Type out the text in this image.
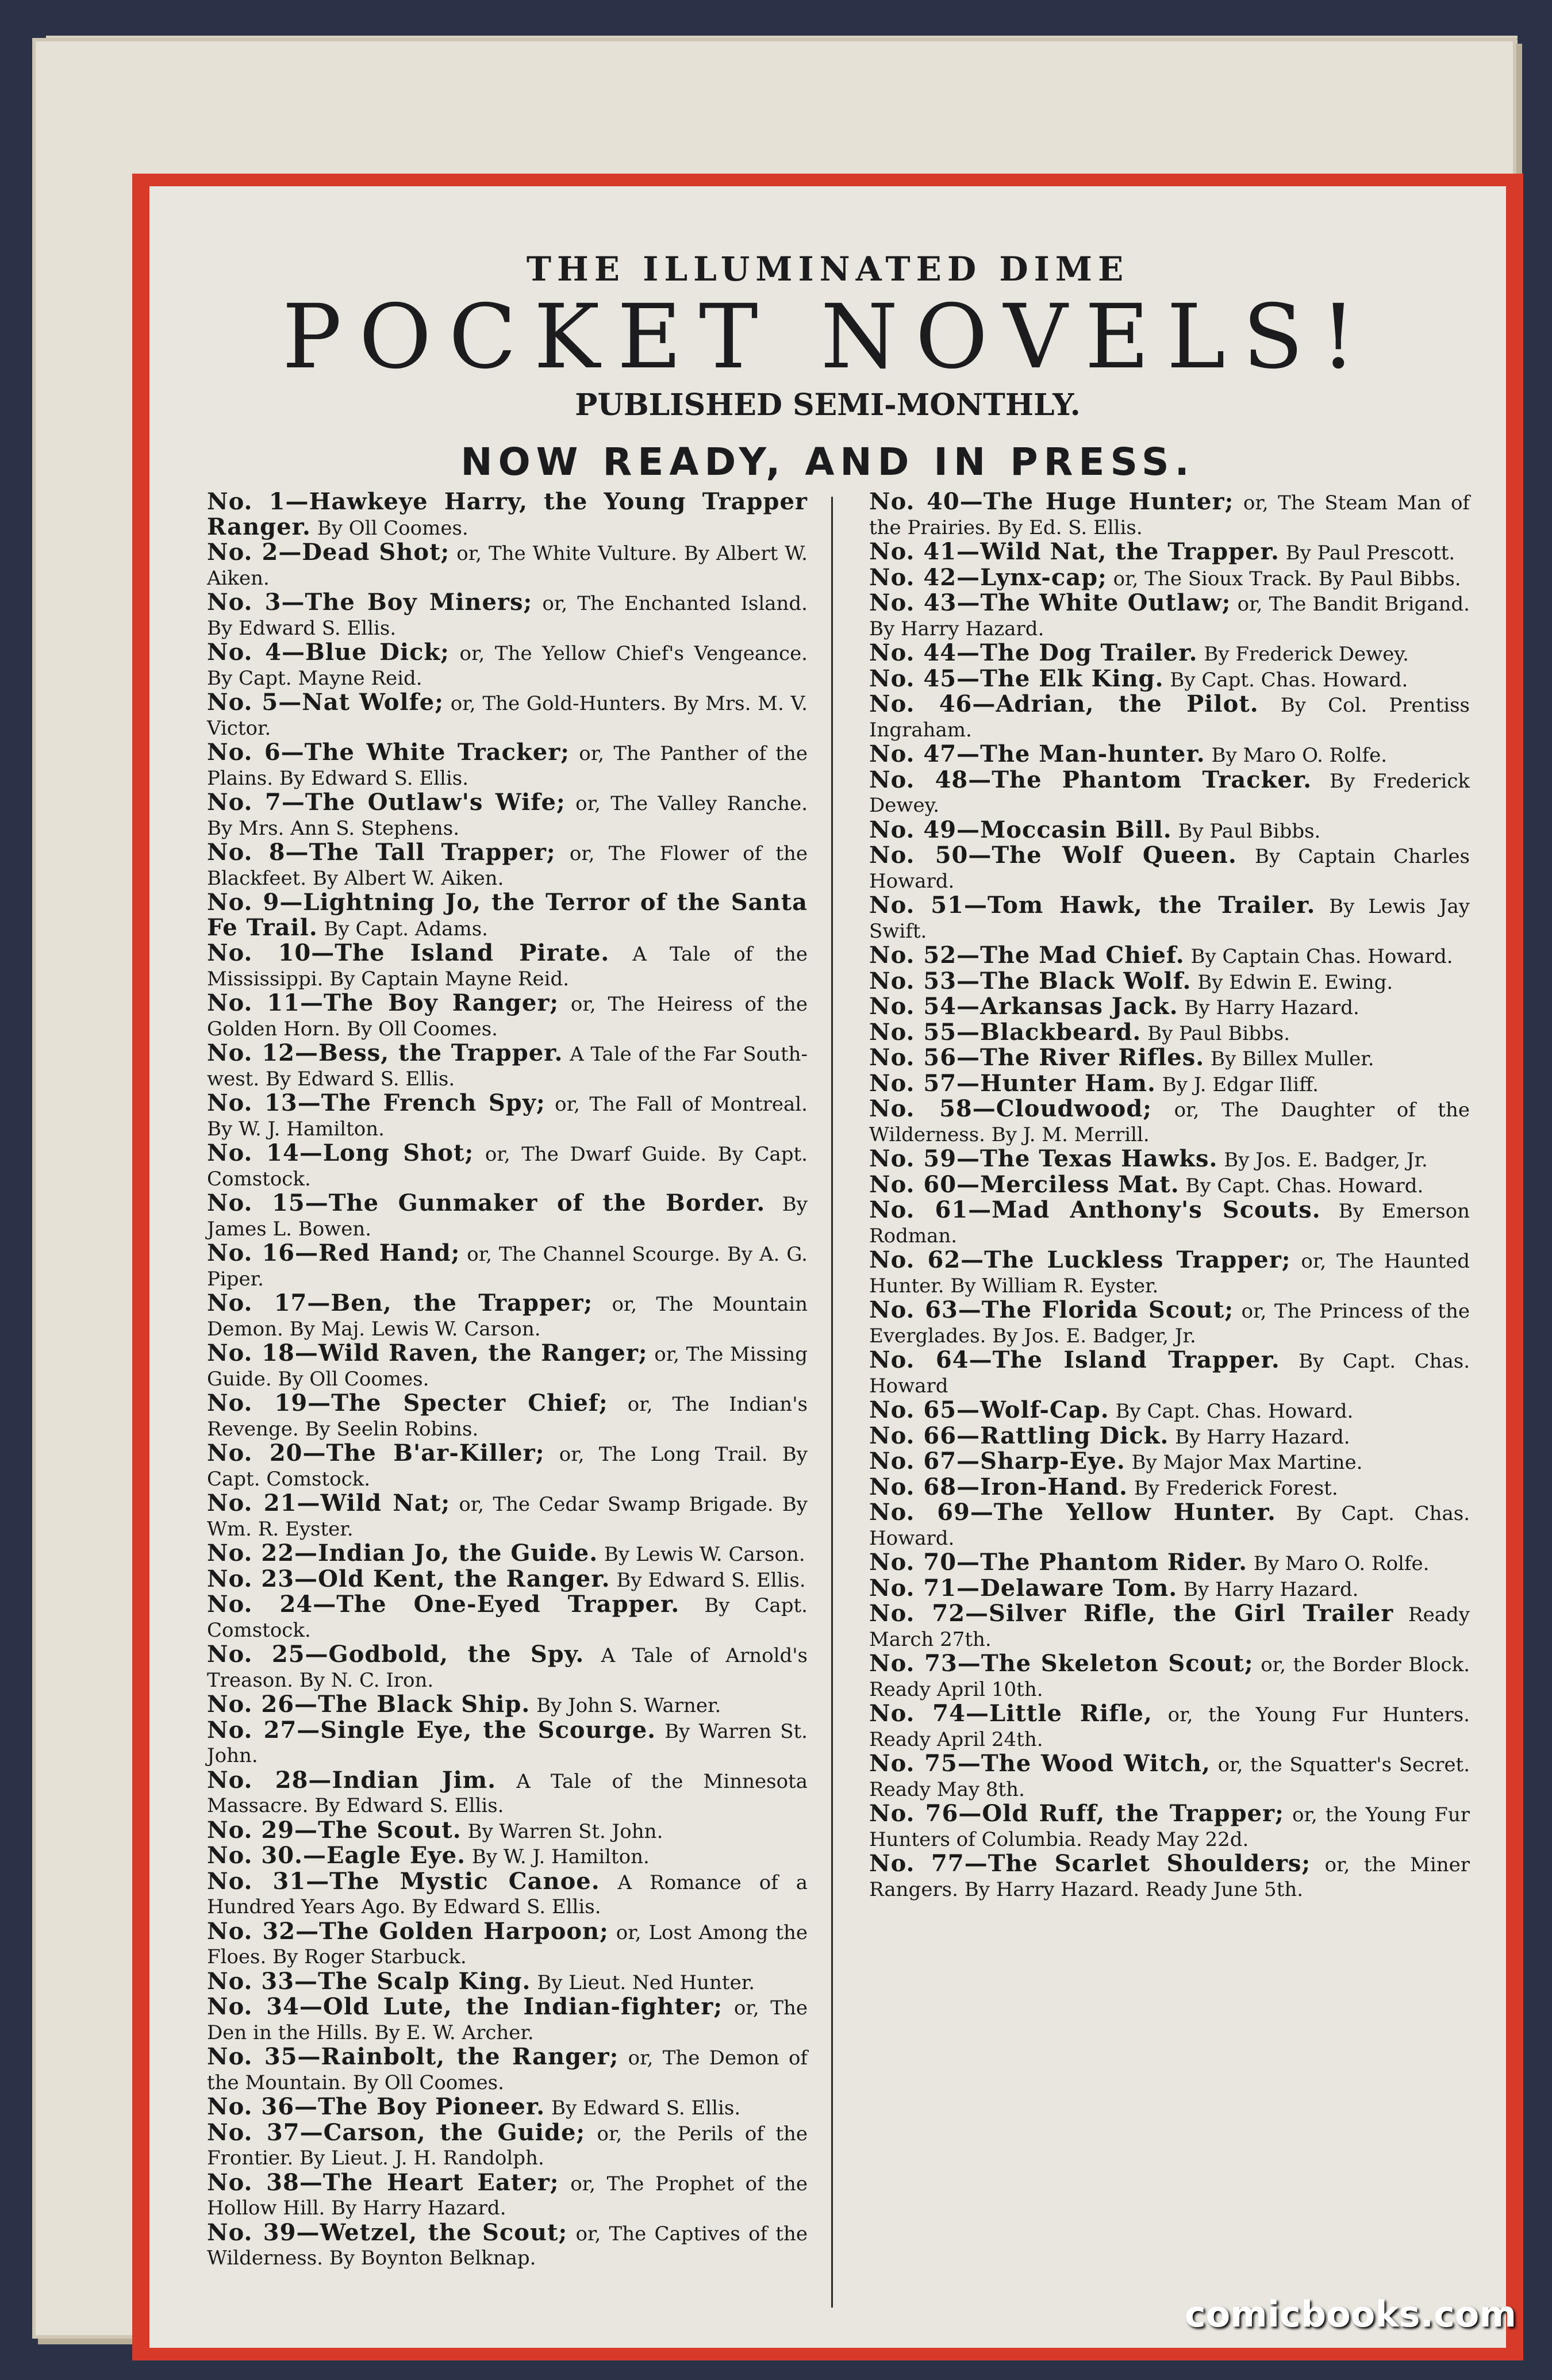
THE ILLUMINATED DIME
POCKET NOVELS!
PUBLISHED SEMI-MONTHLY.
NOW READY, AND IN PRESS.

No. 1—Hawkeye Harry, the Young Trapper Ranger. By Oll Coomes.

No. 2—Dead Shot; or, The White Vulture. By Albert W. Aiken.

No. 3—The Boy Miners; or, The Enchanted Island. By Edward S. Ellis.

No. 4—Blue Dick; or, The Yellow Chief's Vengeance. By Capt. Mayne Reid.

No. 5—Nat Wolfe; or, The Gold-Hunters. By Mrs. M. V. Victor.

No. 6—The White Tracker; or, The Panther of the Plains. By Edward S. Ellis.

No. 7—The Outlaw's Wife; or, The Valley Ranche. By Mrs. Ann S. Stephens.

No. 8—The Tall Trapper; or, The Flower of the Blackfeet. By Albert W. Aiken.

No. 9—Lightning Jo, the Terror of the Santa Fe Trail. By Capt. Adams.

No. 10—The Island Pirate. A Tale of the Mississippi. By Captain Mayne Reid.

No. 11—The Boy Ranger; or, The Heiress of the Golden Horn. By Oll Coomes.

No. 12—Bess, the Trapper. A Tale of the Far South-west. By Edward S. Ellis.

No. 13—The French Spy; or, The Fall of Montreal. By W. J. Hamilton.

No. 14—Long Shot; or, The Dwarf Guide. By Capt. Comstock.

No. 15—The Gunmaker of the Border. By James L. Bowen.

No. 16—Red Hand; or, The Channel Scourge. By A. G. Piper.

No. 17—Ben, the Trapper; or, The Mountain Demon. By Maj. Lewis W. Carson.

No. 18—Wild Raven, the Ranger; or, The Missing Guide. By Oll Coomes.

No. 19—The Specter Chief; or, The Indian's Revenge. By Seelin Robins.

No. 20—The B'ar-Killer; or, The Long Trail. By Capt. Comstock.

No. 21—Wild Nat; or, The Cedar Swamp Brigade. By Wm. R. Eyster.

No. 22—Indian Jo, the Guide. By Lewis W. Carson.

No. 23—Old Kent, the Ranger. By Edward S. Ellis.

No. 24—The One-Eyed Trapper. By Capt. Comstock.

No. 25—Godbold, the Spy. A Tale of Arnold's Treason. By N. C. Iron.

No. 26—The Black Ship. By John S. Warner.

No. 27—Single Eye, the Scourge. By Warren St. John.

No. 28—Indian Jim. A Tale of the Minnesota Massacre. By Edward S. Ellis.

No. 29—The Scout. By Warren St. John.

No. 30.—Eagle Eye. By W. J. Hamilton.

No. 31—The Mystic Canoe. A Romance of a Hundred Years Ago. By Edward S. Ellis.

No. 32—The Golden Harpoon; or, Lost Among the Floes. By Roger Starbuck.

No. 33—The Scalp King. By Lieut. Ned Hunter.

No. 34—Old Lute, the Indian-fighter; or, The Den in the Hills. By E. W. Archer.

No. 35—Rainbolt, the Ranger; or, The Demon of the Mountain. By Oll Coomes.

No. 36—The Boy Pioneer. By Edward S. Ellis.

No. 37—Carson, the Guide; or, the Perils of the Frontier. By Lieut. J. H. Randolph.

No. 38—The Heart Eater; or, The Prophet of the Hollow Hill. By Harry Hazard.

No. 39—Wetzel, the Scout; or, The Captives of the Wilderness. By Boynton Belknap.

No. 40—The Huge Hunter; or, The Steam Man of the Prairies. By Ed. S. Ellis.

No. 41—Wild Nat, the Trapper. By Paul Prescott.

No. 42—Lynx-cap; or, The Sioux Track. By Paul Bibbs.

No. 43—The White Outlaw; or, The Bandit Brigand. By Harry Hazard.

No. 44—The Dog Trailer. By Frederick Dewey.

No. 45—The Elk King. By Capt. Chas. Howard.

No. 46—Adrian, the Pilot. By Col. Prentiss Ingraham.

No. 47—The Man-hunter. By Maro O. Rolfe.

No. 48—The Phantom Tracker. By Frederick Dewey.

No. 49—Moccasin Bill. By Paul Bibbs.

No. 50—The Wolf Queen. By Captain Charles Howard.

No. 51—Tom Hawk, the Trailer. By Lewis Jay Swift.

No. 52—The Mad Chief. By Captain Chas. Howard.

No. 53—The Black Wolf. By Edwin E. Ewing.

No. 54—Arkansas Jack. By Harry Hazard.

No. 55—Blackbeard. By Paul Bibbs.

No. 56—The River Rifles. By Billex Muller.

No. 57—Hunter Ham. By J. Edgar Iliff.

No. 58—Cloudwood; or, The Daughter of the Wilderness. By J. M. Merrill.

No. 59—The Texas Hawks. By Jos. E. Badger, Jr.

No. 60—Merciless Mat. By Capt. Chas. Howard.

No. 61—Mad Anthony's Scouts. By Emerson Rodman.

No. 62—The Luckless Trapper; or, The Haunted Hunter. By William R. Eyster.

No. 63—The Florida Scout; or, The Princess of the Everglades. By Jos. E. Badger, Jr.

No. 64—The Island Trapper. By Capt. Chas. Howard

No. 65—Wolf-Cap. By Capt. Chas. Howard.

No. 66—Rattling Dick. By Harry Hazard.

No. 67—Sharp-Eye. By Major Max Martine.

No. 68—Iron-Hand. By Frederick Forest.

No. 69—The Yellow Hunter. By Capt. Chas. Howard.

No. 70—The Phantom Rider. By Maro O. Rolfe.

No. 71—Delaware Tom. By Harry Hazard.

No. 72—Silver Rifle, the Girl Trailer Ready March 27th.

No. 73—The Skeleton Scout; or, the Border Block. Ready April 10th.

No. 74—Little Rifle, or, the Young Fur Hunters. Ready April 24th.

No. 75—The Wood Witch, or, the Squatter's Secret. Ready May 8th.

No. 76—Old Ruff, the Trapper; or, the Young Fur Hunters of Columbia. Ready May 22d.

No. 77—The Scarlet Shoulders; or, the Miner Rangers. By Harry Hazard. Ready June 5th.

comicbooks.com
